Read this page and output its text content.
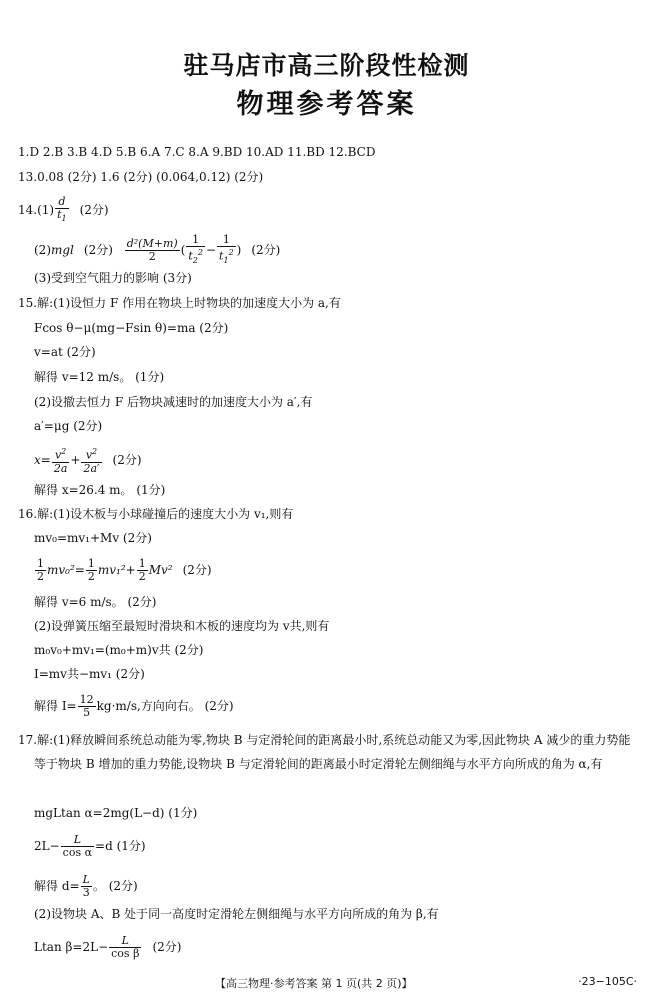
驻马店市高三阶段性检测
物理参考答案
1.D 2.B 3.B 4.D 5.B 6.A 7.C 8.A 9.BD 10.AD 11.BD 12.BCD
13.0.08 (2分) 1.6 (2分) (0.064,0.12) (2分)
$14.(1) \frac{d}{t_1} (2$分)
(2)mgl (2分) $\frac{\text{d²(M+m)}}{2}$ ( $\frac{1}{t_2^2} - \frac{1}{t_1^2}$ ) (2分)
(3)受到空气阻力的影响 (3分)
15.解:(1)设恒力 F 作用在物块上时物块的加速度大小为 a,有
Fcos θ−μ(mg−Fsin θ)=ma (2分)
v=at (2分)
解得 v=12 m/s。 (1分)
(2)设撤去恒力 F 后物块减速时的加速度大小为 a′,有
a′=μg (2分)
$x= \frac{v^2}{2a} + \frac{v^2}{2a'} (2$分)
解得 x=26.4 m。 (1分)
16.解:(1)设木板与小球碰撞后的速度大小为 v₁,则有
mv₀=mv₁+Mv (2分)
$\frac{1}{2} mv_0^2= \frac{1}{2} mv_1^2+ \frac{1}{2} Mv^2$ (2分)
解得 v=6 m/s。 (2分)
(2)设弹簧压缩至最短时滑块和木板的速度均为 v共,则有
m₀v₀+mv₁=(m₀+m)v共 (2分)
I=mv共−mv₁ (2分)
解得 $I= \frac{12}{5} kg\cdot m/s$,方向向右。 (2分)
17.解:(1)释放瞬间系统总动能为零,物块 B 与定滑轮间的距离最小时,系统总动能又为零,因此物块 A 减少的重力势能等于物块 B 增加的重力势能,设物块 B 与定滑轮间的距离最小时定滑轮左侧细绳与水平方向所成的角为 α,有
mgLtan α=2mg(L−d) (1分)
$2L- \frac{L}{\text{cos α}} =d$ (1分)
解得 $d= \frac{L}{3}$ 。 (2分)
(2)设物块 A、B 处于同一高度时定滑轮左侧细绳与水平方向所成的角为 β,有
Ltan $\beta=2L- \frac{L}{\text{cos β}} (2$分)
【高三物理·参考答案 第 1 页(共 2 页)】	·23−105C·
